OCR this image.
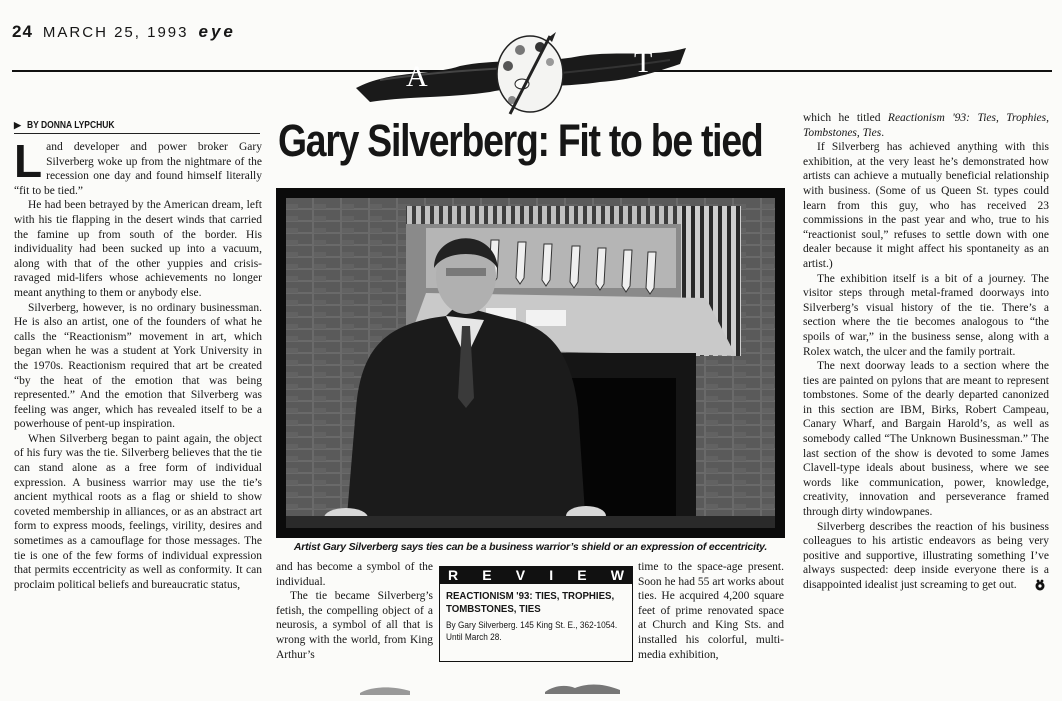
24 MARCH 25, 1993 eye
A	T
▶ BY DONNA LYPCHUK	Gary Silverberg: Fit to be tied

Land developer and power broker Gary Silverberg woke up from the nightmare of the recession one day and found himself literally “fit to be tied.”

He had been betrayed by the American dream, left with his tie flapping in the desert winds that carried the famine up from south of the border. His individuality had been sucked up into a vacuum, along with that of the other yuppies and crisis-ravaged mid-lifers whose achievements no longer meant anything to them or anybody else.

Silverberg, however, is no ordinary businessman. He is also an artist, one of the founders of what he calls the “Reactionism” movement in art, which began when he was a student at York University in the 1970s. Reactionism required that art be created “by the heat of the emotion that was being represented.” And the emotion that Silverberg was feeling was anger, which has revealed itself to be a powerhouse of pent-up inspiration.

When Silverberg began to paint again, the object of his fury was the tie. Silverberg believes that the tie can stand alone as a free form of individual expression. A business warrior may use the tie’s ancient mythical roots as a flag or shield to show coveted membership in alliances, or as an abstract art form to express moods, feelings, virility, desires and sometimes as a camouflage for those messages. The tie is one of the few forms of individual expression that permits eccentricity as well as conformity. It can proclaim political beliefs and bureaucratic status,

Artist Gary Silverberg says ties can be a business warrior’s shield or an expression of eccentricity.

and has become a symbol of the individual.

The tie became Silverberg’s fetish, the compelling object of a neurosis, a symbol of all that is wrong with the world, from King Arthur’s

R E V I E W
REACTIONISM '93: TIES, TROPHIES, TOMBSTONES, TIES
By Gary Silverberg. 145 King St. E., 362-1054. Until March 28.

time to the space-age present. Soon he had 55 art works about ties. He acquired 4,200 square feet of prime renovated space at Church and King Sts. and installed his colorful, multi-media exhibition,

which he titled Reactionism '93: Ties, Trophies, Tombstones, Ties.

If Silverberg has achieved anything with this exhibition, at the very least he’s demonstrated how artists can achieve a mutually beneficial relationship with business. (Some of us Queen St. types could learn from this guy, who has received 23 commissions in the past year and who, true to his “reactionist soul,” refuses to settle down with one dealer because it might affect his spontaneity as an artist.)

The exhibition itself is a bit of a journey. The visitor steps through metal-framed doorways into Silverberg’s visual history of the tie. There’s a section where the tie becomes analogous to “the spoils of war,” in the business sense, along with a Rolex watch, the ulcer and the family portrait.

The next doorway leads to a section where the ties are painted on pylons that are meant to represent tombstones. Some of the dearly departed canonized in this section are IBM, Birks, Robert Campeau, Canary Wharf, and Bargain Harold’s, as well as somebody called “The Unknown Businessman.” The last section of the show is devoted to some James Clavell-type ideals about business, where we see words like communication, power, knowledge, creativity, innovation and perseverance framed through dirty windowpanes.

Silverberg describes the reaction of his business colleagues to his artistic endeavors as being very positive and supportive, illustrating something I’ve always suspected: deep inside everyone there is a disappointed idealist just screaming to get out.
